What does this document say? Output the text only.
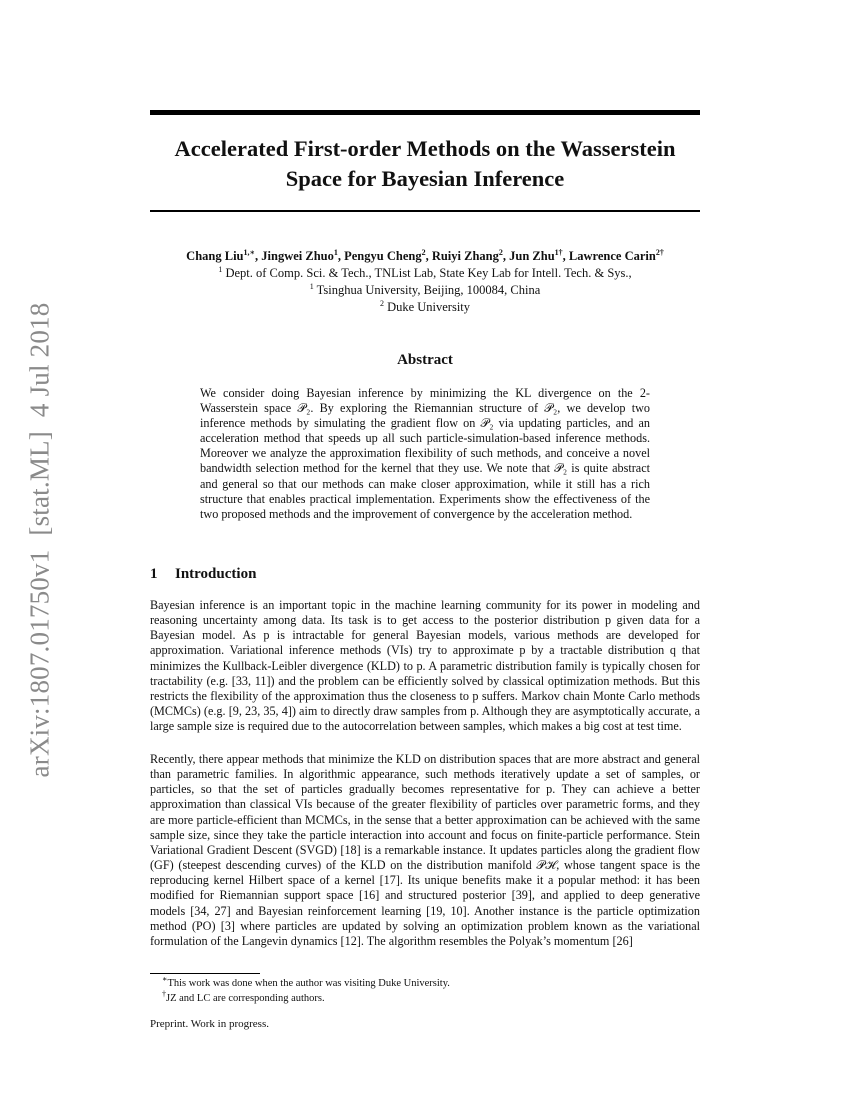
arXiv:1807.01750v1[stat.ML]4 Jul 2018
Accelerated First-order Methods on the Wasserstein
Space for Bayesian Inference
Chang Liu$^{1,∗}$, Jingwei Zhuo$^1$, Pengyu Cheng$^2$, Ruiyi Zhang$^2$, Jun Zhu$^{1\dagger}$, Lawrence Carin$^{2\dagger}$
$^1$ Dept. of Comp. Sci. & Tech., TNList Lab, State Key Lab for Intell. Tech. & Sys.,
$^1$ Tsinghua University, Beijing, 100084, China
$^2$ Duke University
Abstract
We consider doing Bayesian inference by minimizing the KL divergence on the 2-Wasserstein space 𝒫₂. By exploring the Riemannian structure of 𝒫₂, we develop two inference methods by simulating the gradient flow on 𝒫₂ via updating particles, and an acceleration method that speeds up all such particle-simulation-based inference methods. Moreover we analyze the approximation flexibility of such methods, and conceive a novel bandwidth selection method for the kernel that they use. We note that 𝒫₂ is quite abstract and general so that our methods can make closer approximation, while it still has a rich structure that enables practical implementation. Experiments show the effectiveness of the two proposed methods and the improvement of convergence by the acceleration method.
1 Introduction
Bayesian inference is an important topic in the machine learning community for its power in modeling and reasoning uncertainty among data. Its task is to get access to the posterior distribution p given data for a Bayesian model. As p is intractable for general Bayesian models, various methods are developed for approximation. Variational inference methods (VIs) try to approximate p by a tractable distribution q that minimizes the Kullback-Leibler divergence (KLD) to p. A parametric distribution family is typically chosen for tractability (e.g. [33, 11]) and the problem can be efficiently solved by classical optimization methods. But this restricts the flexibility of the approximation thus the closeness to p suffers. Markov chain Monte Carlo methods (MCMCs) (e.g. [9, 23, 35, 4]) aim to directly draw samples from p. Although they are asymptotically accurate, a large sample size is required due to the autocorrelation between samples, which makes a big cost at test time.
Recently, there appear methods that minimize the KLD on distribution spaces that are more abstract and general than parametric families. In algorithmic appearance, such methods iteratively update a set of samples, or particles, so that the set of particles gradually becomes representative for p. They can achieve a better approximation than classical VIs because of the greater flexibility of particles over parametric forms, and they are more particle-efficient than MCMCs, in the sense that a better approximation can be achieved with the same sample size, since they take the particle interaction into account and focus on finite-particle performance. Stein Variational Gradient Descent (SVGD) [18] is a remarkable instance. It updates particles along the gradient flow (GF) (steepest descending curves) of the KLD on the distribution manifold 𝒫ℋ, whose tangent space is the reproducing kernel Hilbert space of a kernel [17]. Its unique benefits make it a popular method: it has been modified for Riemannian support space [16] and structured posterior [39], and applied to deep generative models [34, 27] and Bayesian reinforcement learning [19, 10]. Another instance is the particle optimization method (PO) [3] where particles are updated by solving an optimization problem known as the variational formulation of the Langevin dynamics [12]. The algorithm resembles the Polyak’s momentum [26]
∗This work was done when the author was visiting Duke University.
†JZ and LC are corresponding authors.
Preprint. Work in progress.
